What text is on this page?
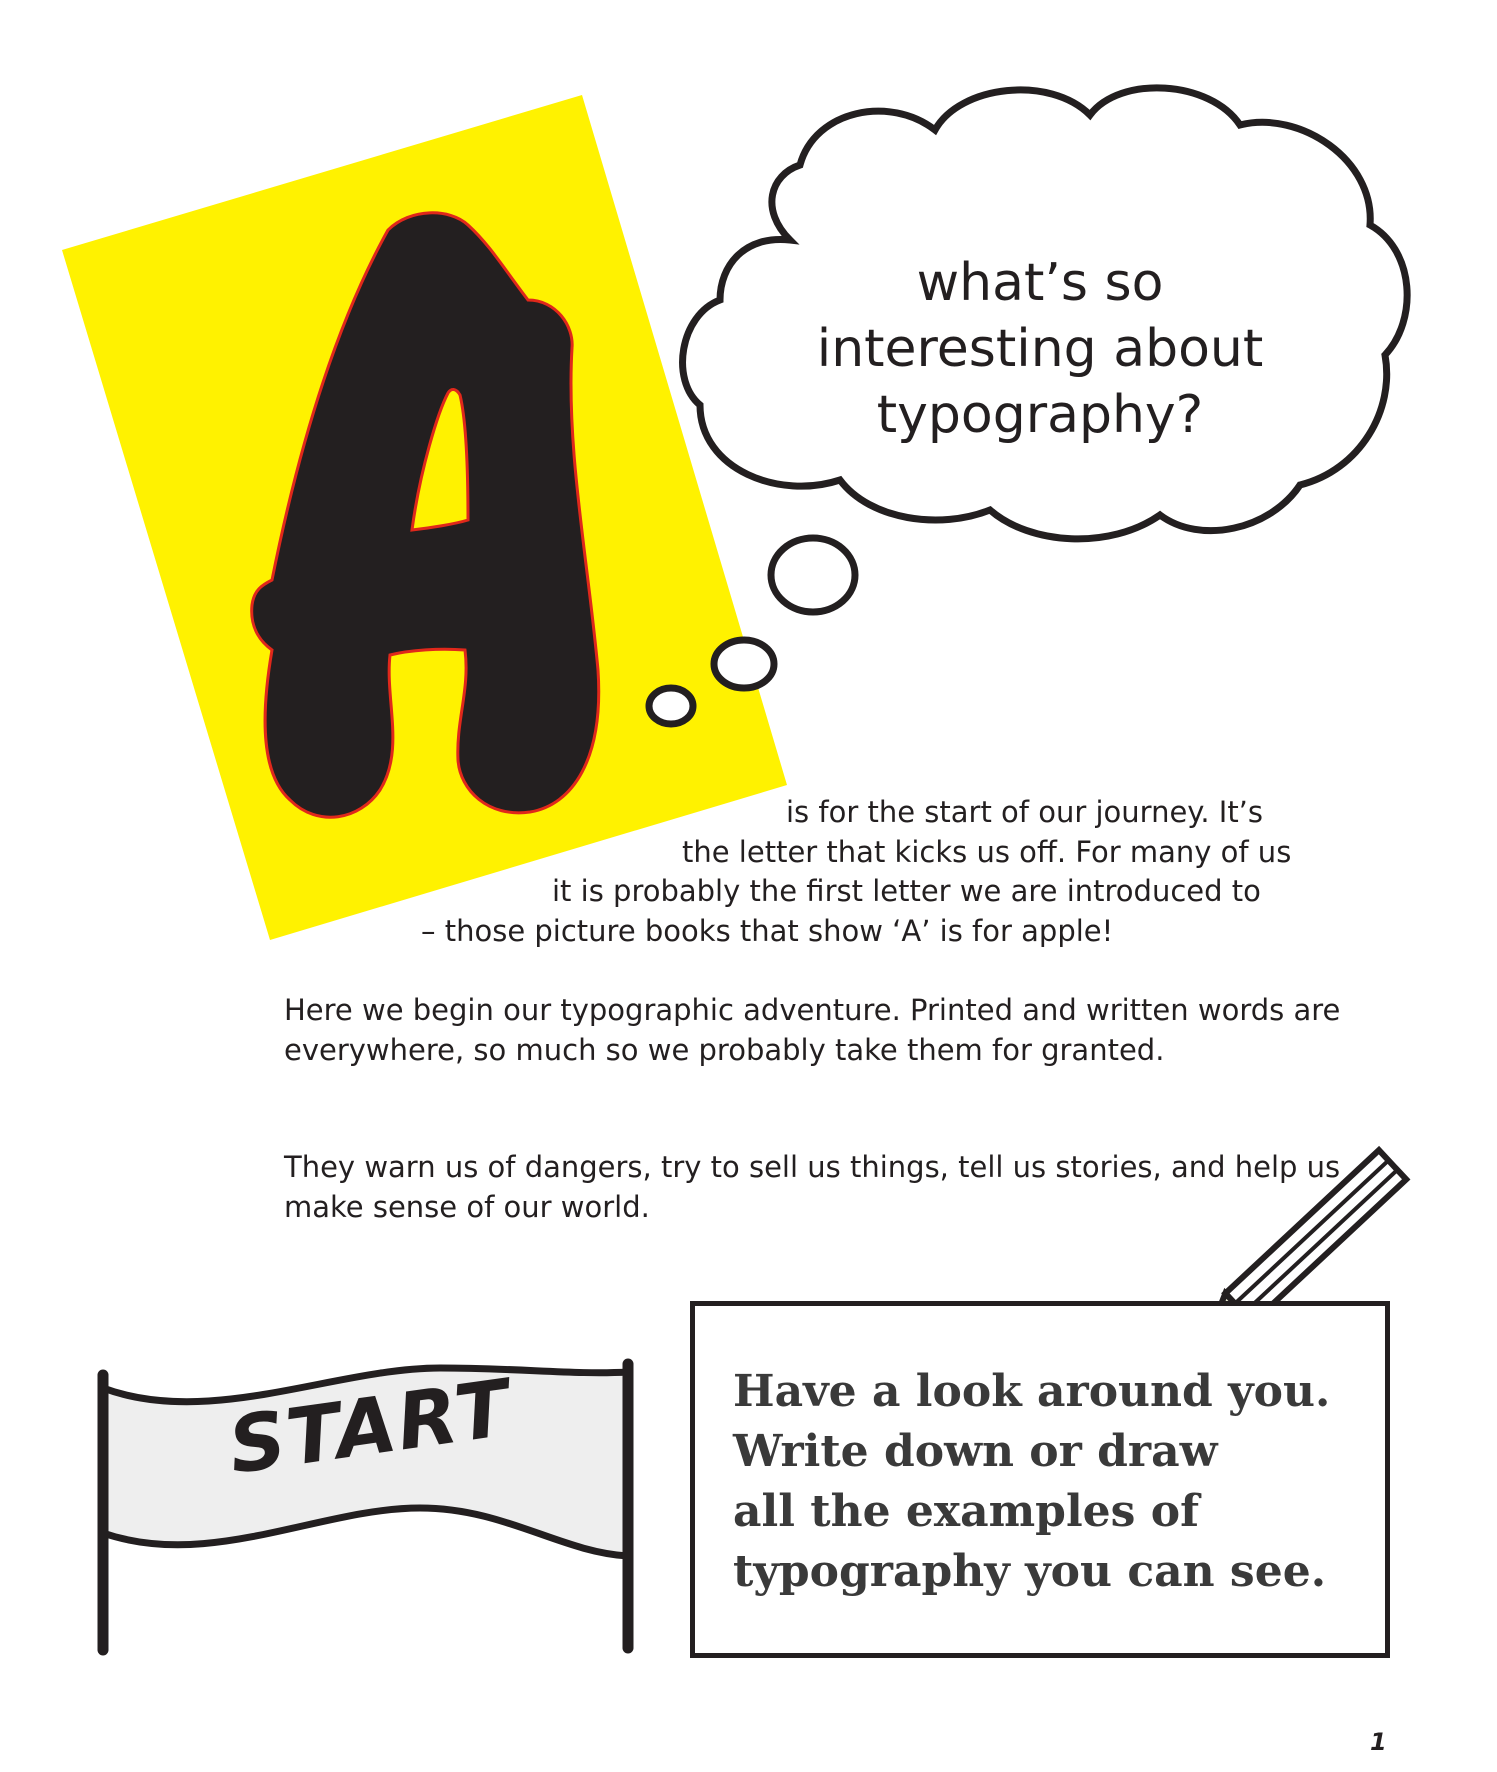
what’s so
interesting about
typography?
is for the start of our journey. It’s
the letter that kicks us off. For many of us
it is probably the first letter we are introduced to
– those picture books that show ‘A’ is for apple!

Here we begin our typographic adventure. Printed and written words are everywhere, so much so we probably take them for granted.

They warn us of dangers, try to sell us things, tell us stories, and help us make sense of our world.

START	Have a look around you.
Write down or draw
all the examples of
typography you can see.
1
